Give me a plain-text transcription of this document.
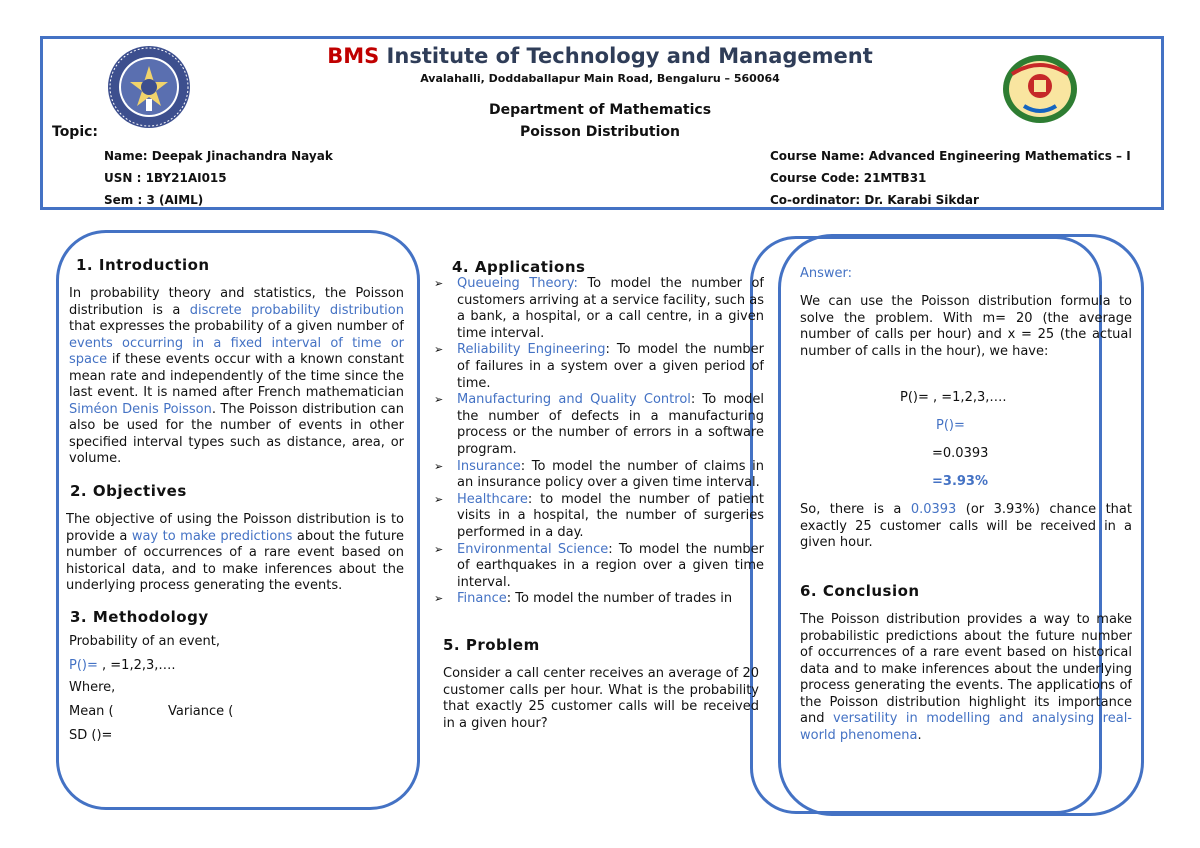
BMS Institute of Technology and Management
Avalahalli, Doddaballapur Main Road, Bengaluru – 560064
Department of Mathematics
Poisson Distribution
Topic:
Name: Deepak Jinachandra Nayak
USN : 1BY21AI015
Sem : 3 (AIML)
Course Name: Advanced Engineering Mathematics – I
Course Code: 21MTB31
Co-ordinator: Dr. Karabi Sikdar
1. Introduction
In probability theory and statistics, the Poisson distribution is a discrete probability distribution that expresses the probability of a given number of events occurring in a fixed interval of time or space if these events occur with a known constant mean rate and independently of the time since the last event. It is named after French mathematician Siméon Denis Poisson. The Poisson distribution can also be used for the number of events in other specified interval types such as distance, area, or volume.
2. Objectives
The objective of using the Poisson distribution is to provide a way to make predictions about the future number of occurrences of a rare event based on historical data, and to make inferences about the underlying process generating the events.
3. Methodology
Probability of an event,
P()= , =1,2,3,….
Where,
Mean (	Variance (
SD ()=
4. Applications
➢ Queueing Theory: To model the number of customers arriving at a service facility, such as a bank, a hospital, or a call centre, in a given time interval.
➢ Reliability Engineering: To model the number of failures in a system over a given period of time.
➢ Manufacturing and Quality Control: To model the number of defects in a manufacturing process or the number of errors in a software program.
➢ Insurance: To model the number of claims in an insurance policy over a given time interval.
➢ Healthcare: to model the number of patient visits in a hospital, the number of surgeries performed in a day.
➢ Environmental Science: To model the number of earthquakes in a region over a given time interval.
➢ Finance: To model the number of trades in
5. Problem
Consider a call center receives an average of 20 customer calls per hour. What is the probability that exactly 25 customer calls will be received in a given hour?
Answer:
We can use the Poisson distribution formula to solve the problem. With m= 20 (the average number of calls per hour) and x = 25 (the actual number of calls in the hour), we have:
P()= , =1,2,3,….
P()=
=0.0393
=3.93%
So, there is a 0.0393 (or 3.93%) chance that exactly 25 customer calls will be received in a given hour.
6. Conclusion
The Poisson distribution provides a way to make probabilistic predictions about the future number of occurrences of a rare event based on historical data and to make inferences about the underlying process generating the events. The applications of the Poisson distribution highlight its importance and versatility in modelling and analysing real-world phenomena.
